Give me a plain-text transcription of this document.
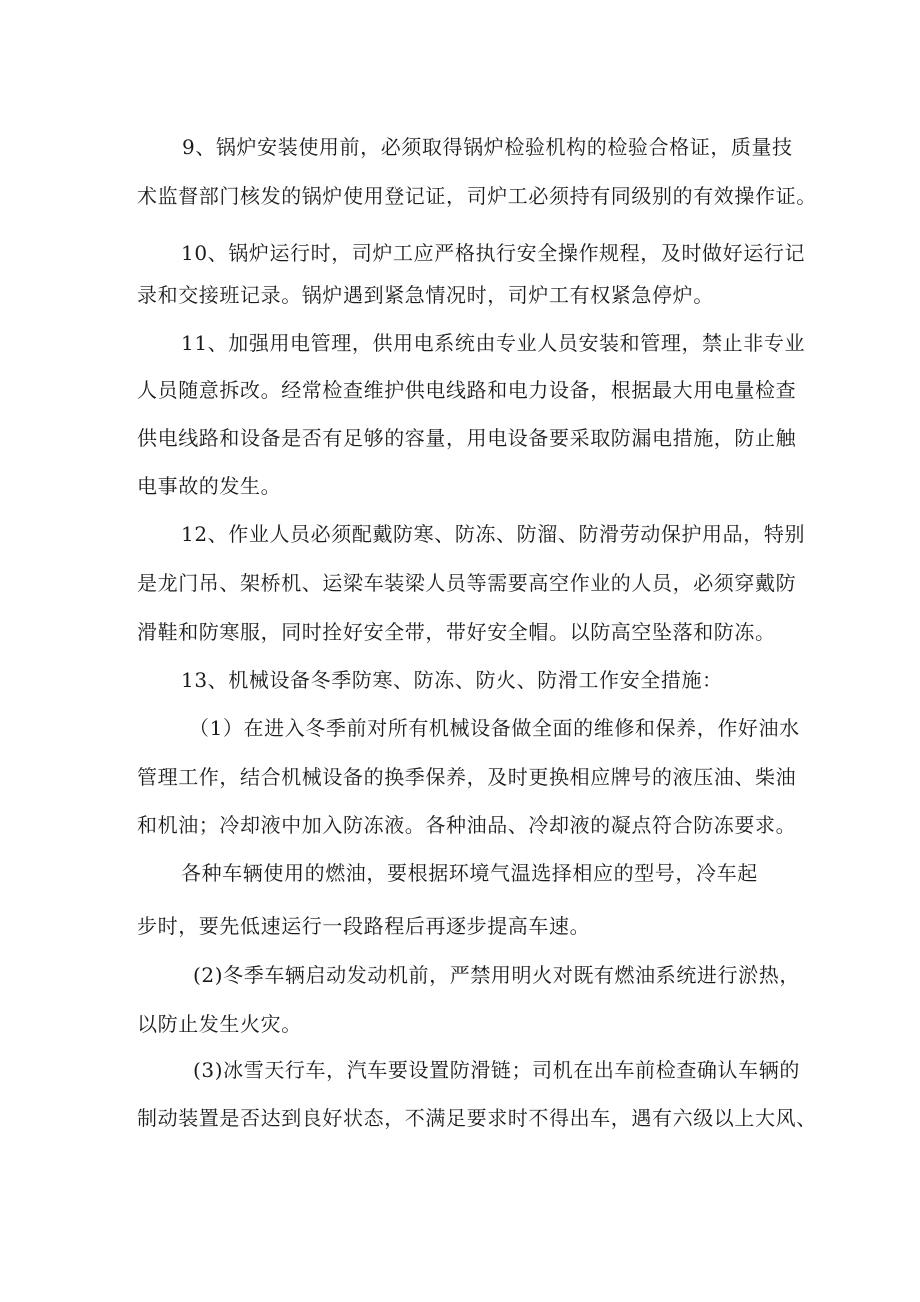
9、锅炉安装使用前，必须取得锅炉检验机构的检验合格证，质量技
术监督部门核发的锅炉使用登记证，司炉工必须持有同级别的有效操作证。
10、锅炉运行时，司炉工应严格执行安全操作规程，及时做好运行记
录和交接班记录。锅炉遇到紧急情况时，司炉工有权紧急停炉。
11、加强用电管理，供用电系统由专业人员安装和管理，禁止非专业
人员随意拆改。经常检查维护供电线路和电力设备，根据最大用电量检查
供电线路和设备是否有足够的容量，用电设备要采取防漏电措施，防止触
电事故的发生。
12、作业人员必须配戴防寒、防冻、防溜、防滑劳动保护用品，特别
是龙门吊、架桥机、运梁车装梁人员等需要高空作业的人员，必须穿戴防
滑鞋和防寒服，同时拴好安全带，带好安全帽。以防高空坠落和防冻。
13、机械设备冬季防寒、防冻、防火、防滑工作安全措施：
（1）在进入冬季前对所有机械设备做全面的维修和保养，作好油水
管理工作，结合机械设备的换季保养，及时更换相应牌号的液压油、柴油
和机油；冷却液中加入防冻液。各种油品、冷却液的凝点符合防冻要求。
各种车辆使用的燃油，要根据环境气温选择相应的型号，冷车起
步时，要先低速运行一段路程后再逐步提高车速。
(2)冬季车辆启动发动机前，严禁用明火对既有燃油系统进行淤热，
以防止发生火灾。
(3)冰雪天行车，汽车要设置防滑链；司机在出车前检查确认车辆的
制动装置是否达到良好状态，不满足要求时不得出车，遇有六级以上大风、
